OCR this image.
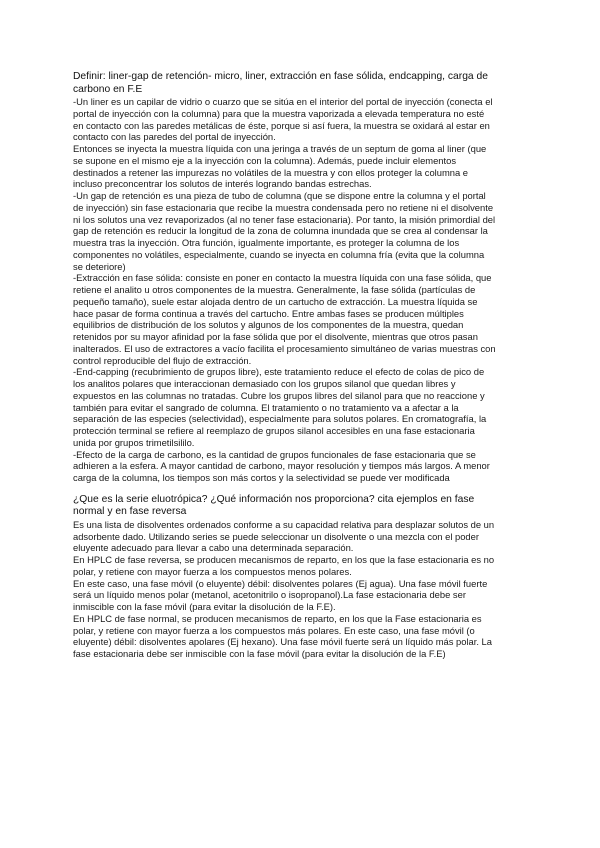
Definir: liner-gap de retención- micro, liner, extracción en fase sólida, endcapping, carga de
carbono en F.E
-Un liner es un capilar de vidrio o cuarzo que se sitúa en el interior del portal de inyección (conecta el
portal de inyección con la columna) para que la muestra vaporizada a elevada temperatura no esté
en contacto con las paredes metálicas de éste, porque si así fuera, la muestra se oxidará al estar en
contacto con las paredes del portal de inyección.
Entonces se inyecta la muestra líquida con una jeringa a través de un septum de goma al liner (que
se supone en el mismo eje a la inyección con la columna). Además, puede incluir elementos
destinados a retener las impurezas no volátiles de la muestra y con ellos proteger la columna e
incluso preconcentrar los solutos de interés logrando bandas estrechas.
-Un gap de retención es una pieza de tubo de columna (que se dispone entre la columna y el portal
de inyección) sin fase estacionaria que recibe la muestra condensada pero no retiene ni el disolvente
ni los solutos una vez revaporizados (al no tener fase estacionaria). Por tanto, la misión primordial del
gap de retención es reducir la longitud de la zona de columna inundada que se crea al condensar la
muestra tras la inyección. Otra función, igualmente importante, es proteger la columna de los
componentes no volátiles, especialmente, cuando se inyecta en columna fría (evita que la columna
se deteriore)
-Extracción en fase sólida: consiste en poner en contacto la muestra líquida con una fase sólida, que
retiene el analito u otros componentes de la muestra. Generalmente, la fase sólida (partículas de
pequeño tamaño), suele estar alojada dentro de un cartucho de extracción. La muestra líquida se
hace pasar de forma continua a través del cartucho. Entre ambas fases se producen múltiples
equilibrios de distribución de los solutos y algunos de los componentes de la muestra, quedan
retenidos por su mayor afinidad por la fase sólida que por el disolvente, mientras que otros pasan
inalterados. El uso de extractores a vacío facilita el procesamiento simultáneo de varias muestras con
control reproducible del flujo de extracción.
-End-capping (recubrimiento de grupos libre), este tratamiento reduce el efecto de colas de pico de
los analitos polares que interaccionan demasiado con los grupos silanol que quedan libres y
expuestos en las columnas no tratadas. Cubre los grupos libres del silanol para que no reaccione y
también para evitar el sangrado de columna. El tratamiento o no tratamiento va a afectar a la
separación de las especies (selectividad), especialmente para solutos polares. En cromatografía, la
protección terminal se refiere al reemplazo de grupos silanol accesibles en una fase estacionaria
unida por grupos trimetilsililo.
-Efecto de la carga de carbono, es la cantidad de grupos funcionales de fase estacionaria que se
adhieren a la esfera. A mayor cantidad de carbono, mayor resolución y tiempos más largos. A menor
carga de la columna, los tiempos son más cortos y la selectividad se puede ver modificada
¿Que es la serie eluotrópica? ¿Qué información nos proporciona? cita ejemplos en fase
normal y en fase reversa
Es una lista de disolventes ordenados conforme a su capacidad relativa para desplazar solutos de un
adsorbente dado. Utilizando series se puede seleccionar un disolvente o una mezcla con el poder
eluyente adecuado para llevar a cabo una determinada separación.
En HPLC de fase reversa, se producen mecanismos de reparto, en los que la fase estacionaria es no
polar, y retiene con mayor fuerza a los compuestos menos polares.
En este caso, una fase móvil (o eluyente) débil: disolventes polares (Ej agua). Una fase móvil fuerte
será un líquido menos polar (metanol, acetonitrilo o isopropanol).La fase estacionaria debe ser
inmiscible con la fase móvil (para evitar la disolución de la F.E).
En HPLC de fase normal, se producen mecanismos de reparto, en los que la Fase estacionaria es
polar, y retiene con mayor fuerza a los compuestos más polares. En este caso, una fase móvil (o
eluyente) débil: disolventes apolares (Ej hexano). Una fase móvil fuerte será un líquido más polar. La
fase estacionaria debe ser inmiscible con la fase móvil (para evitar la disolución de la F.E)
